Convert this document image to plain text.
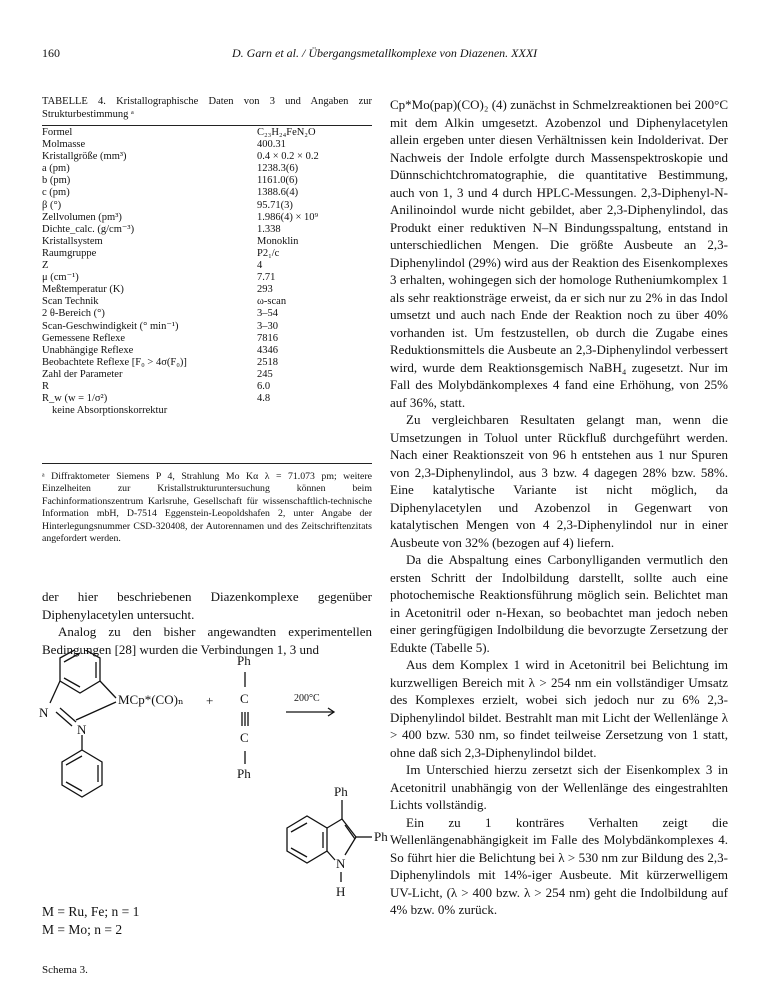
160	D. Garn et al. / Übergangsmetallkomplexe von Diazenen. XXXI
TABELLE 4. Kristallographische Daten von 3 und Angaben zur Strukturbestimmung ᵃ
Formel	C₂₃H₂₄FeN₂O
Molmasse	400.31
Kristallgröße (mm³)	0.4 × 0.2 × 0.2
a (pm)	1238.3(6)
b (pm)	1161.0(6)
c (pm)	1388.6(4)
β (°)	95.71(3)
Zellvolumen (pm³)	1.986(4) × 10⁹
Dichte_calc. (g/cm⁻³)	1.338
Kristallsystem	Monoklin
Raumgruppe	P2₁/c
Z	4
μ (cm⁻¹)	7.71
Meßtemperatur (K)	293
Scan Technik	ω-scan
2 θ-Bereich (°)	3–54
Scan-Geschwindigkeit (° min⁻¹)	3–30
Gemessene Reflexe	7816
Unabhängige Reflexe	4346
Beobachtete Reflexe [F₀ > 4σ(F₀)]	2518
Zahl der Parameter	245
R	6.0
R_w (w = 1/σ²)	4.8
keine Absorptionskorrektur
ᵃ Diffraktometer Siemens P 4, Strahlung Mo Kα λ = 71.073 pm; weitere Einzelheiten zur Kristallstrukturuntersuchung können beim Fachinformationszentrum Karlsruhe, Gesellschaft für wissenschaftlich-technische Information mbH, D-7514 Eggenstein-Leopoldshafen 2, unter Angabe der Hinterlegungsnummer CSD-320408, der Autorennamen und des Zeitschriftenzitats angefordert werden.

der hier beschriebenen Diazenkomplexe gegenüber Diphenylacetylen untersucht.

Analog zu den bisher angewandten experimentellen Bedingungen [28] wurden die Verbindungen 1, 3 und

N
N
MCp*(CO)ₙ +
Ph
C
C
Ph
200°C
Ph
Ph
N
H
M = Ru, Fe; n = 1
M = Mo; n = 2
Schema 3.

Cp*Mo(pap)(CO)₂ (4) zunächst in Schmelzreaktionen bei 200°C mit dem Alkin umgesetzt. Azobenzol und Diphenylacetylen allein ergeben unter diesen Verhältnissen kein Indolderivat. Der Nachweis der Indole erfolgte durch Massenspektroskopie und Dünnschichtchromatographie, die quantitative Bestimmung, auch von 1, 3 und 4 durch HPLC-Messungen. 2,3-Diphenyl-N-Anilinoindol wurde nicht gebildet, aber 2,3-Diphenylindol, das Produkt einer reduktiven N–N Bindungsspaltung, entstand in unterschiedlichen Mengen. Die größte Ausbeute an 2,3-Diphenylindol (29%) wird aus der Reaktion des Eisenkomplexes 3 erhalten, wohingegen sich der homologe Rutheniumkomplex 1 als sehr reaktionsträge erweist, da er sich nur zu 2% in das Indol umsetzt und auch nach Ende der Reaktion noch zu über 40% vorhanden ist. Um festzustellen, ob durch die Zugabe eines Reduktionsmittels die Ausbeute an 2,3-Diphenylindol verbessert wird, wurde dem Reaktionsgemisch NaBH₄ zugesetzt. Nur im Fall des Molybdänkomplexes 4 fand eine Erhöhung, von 25% auf 36%, statt.

Zu vergleichbaren Resultaten gelangt man, wenn die Umsetzungen in Toluol unter Rückfluß durchgeführt werden. Nach einer Reaktionszeit von 96 h entstehen aus 1 nur Spuren von 2,3-Diphenylindol, aus 3 bzw. 4 dagegen 28% bzw. 58%. Eine katalytische Variante ist nicht möglich, da Diphenylacetylen und Azobenzol in Gegenwart von katalytischen Mengen von 4 2,3-Diphenylindol nur in einer Ausbeute von 32% (bezogen auf 4) liefern.

Da die Abspaltung eines Carbonylliganden vermutlich den ersten Schritt der Indolbildung darstellt, sollte auch eine photochemische Reaktionsführung möglich sein. Belichtet man in Acetonitril oder n-Hexan, so beobachtet man jedoch neben einer geringfügigen Indolbildung die bevorzugte Zersetzung der Edukte (Tabelle 5).

Aus dem Komplex 1 wird in Acetonitril bei Belichtung im kurzwelligen Bereich mit λ > 254 nm ein vollständiger Umsatz des Komplexes erzielt, wobei sich jedoch nur zu 6% 2,3-Diphenylindol bildet. Bestrahlt man mit Licht der Wellenlänge λ > 400 bzw. 530 nm, so findet teilweise Zersetzung von 1 statt, ohne daß sich 2,3-Diphenylindol bildet.

Im Unterschied hierzu zersetzt sich der Eisenkomplex 3 in Acetonitril unabhängig von der Wellenlänge des eingestrahlten Lichts vollständig.

Ein zu 1 konträres Verhalten zeigt die Wellenlängenabhängigkeit im Falle des Molybdänkomplexes 4. So führt hier die Belichtung bei λ > 530 nm zur Bildung des 2,3-Diphenylindols mit 14%-iger Ausbeute. Mit kürzerwelligem UV-Licht, (λ > 400 bzw. λ > 254 nm) geht die Indolbildung auf 4% bzw. 0% zurück.
